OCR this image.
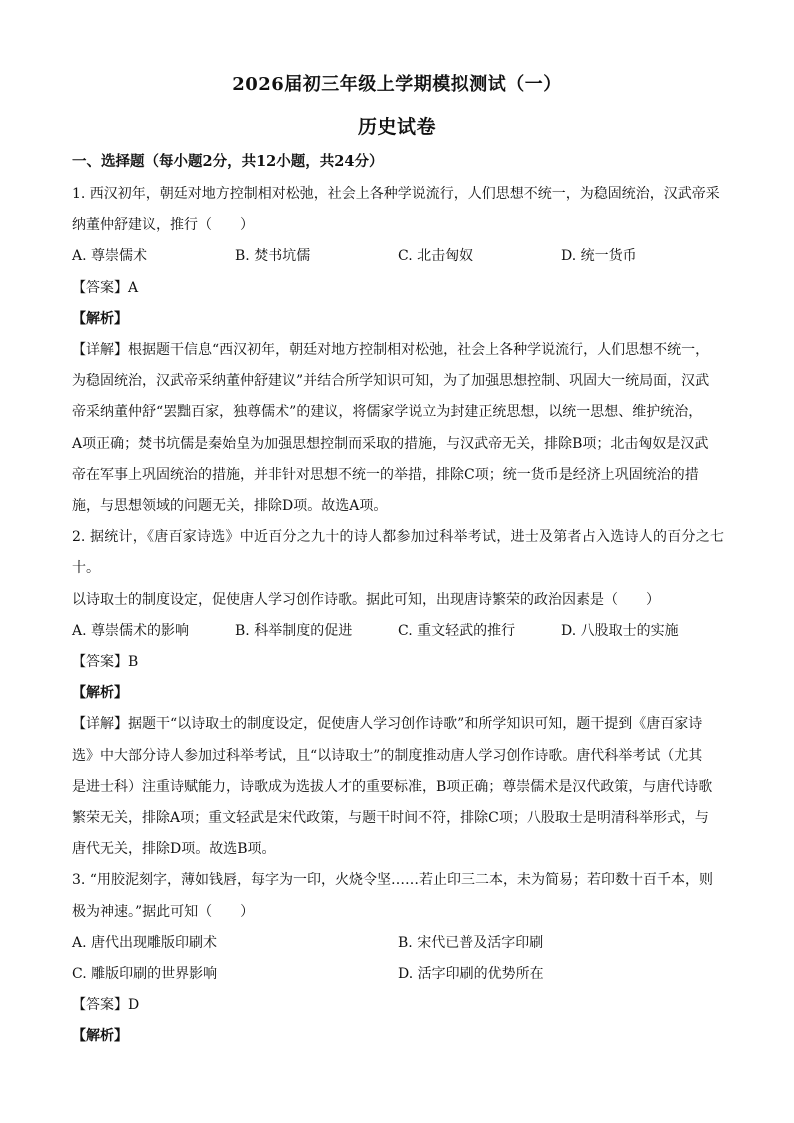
2026届初三年级上学期模拟测试（一）
历史试卷
一、选择题（每小题2分，共12小题，共24分）

1. 西汉初年，朝廷对地方控制相对松弛，社会上各种学说流行，人们思想不统一，为稳固统治，汉武帝采

纳董仲舒建议，推行（　　）

A. 尊崇儒术	B. 焚书坑儒	C. 北击匈奴	D. 统一货币

【答案】A

【解析】

【详解】根据题干信息“西汉初年，朝廷对地方控制相对松弛，社会上各种学说流行，人们思想不统一，

为稳固统治，汉武帝采纳董仲舒建议”并结合所学知识可知，为了加强思想控制、巩固大一统局面，汉武

帝采纳董仲舒“罢黜百家，独尊儒术”的建议，将儒家学说立为封建正统思想，以统一思想、维护统治，

A项正确；焚书坑儒是秦始皇为加强思想控制而采取的措施，与汉武帝无关，排除B项；北击匈奴是汉武

帝在军事上巩固统治的措施，并非针对思想不统一的举措，排除C项；统一货币是经济上巩固统治的措

施，与思想领域的问题无关，排除D项。故选A项。

2. 据统计，《唐百家诗选》中近百分之九十的诗人都参加过科举考试，进士及第者占入选诗人的百分之七十。

以诗取士的制度设定，促使唐人学习创作诗歌。据此可知，出现唐诗繁荣的政治因素是（　　）

A. 尊崇儒术的影响	B. 科举制度的促进	C. 重文轻武的推行	D. 八股取士的实施

【答案】B

【解析】

【详解】据题干“以诗取士的制度设定，促使唐人学习创作诗歌”和所学知识可知，题干提到《唐百家诗

选》中大部分诗人参加过科举考试，且“以诗取士”的制度推动唐人学习创作诗歌。唐代科举考试（尤其

是进士科）注重诗赋能力，诗歌成为选拔人才的重要标准，B项正确；尊崇儒术是汉代政策，与唐代诗歌

繁荣无关，排除A项；重文轻武是宋代政策，与题干时间不符，排除C项；八股取士是明清科举形式，与

唐代无关，排除D项。故选B项。

3. “用胶泥刻字，薄如钱唇，每字为一印，火烧令坚……若止印三二本，未为简易；若印数十百千本，则

极为神速。”据此可知（　　）

A. 唐代出现雕版印刷术	B. 宋代已普及活字印刷
C. 雕版印刷的世界影响	D. 活字印刷的优势所在

【答案】D

【解析】
